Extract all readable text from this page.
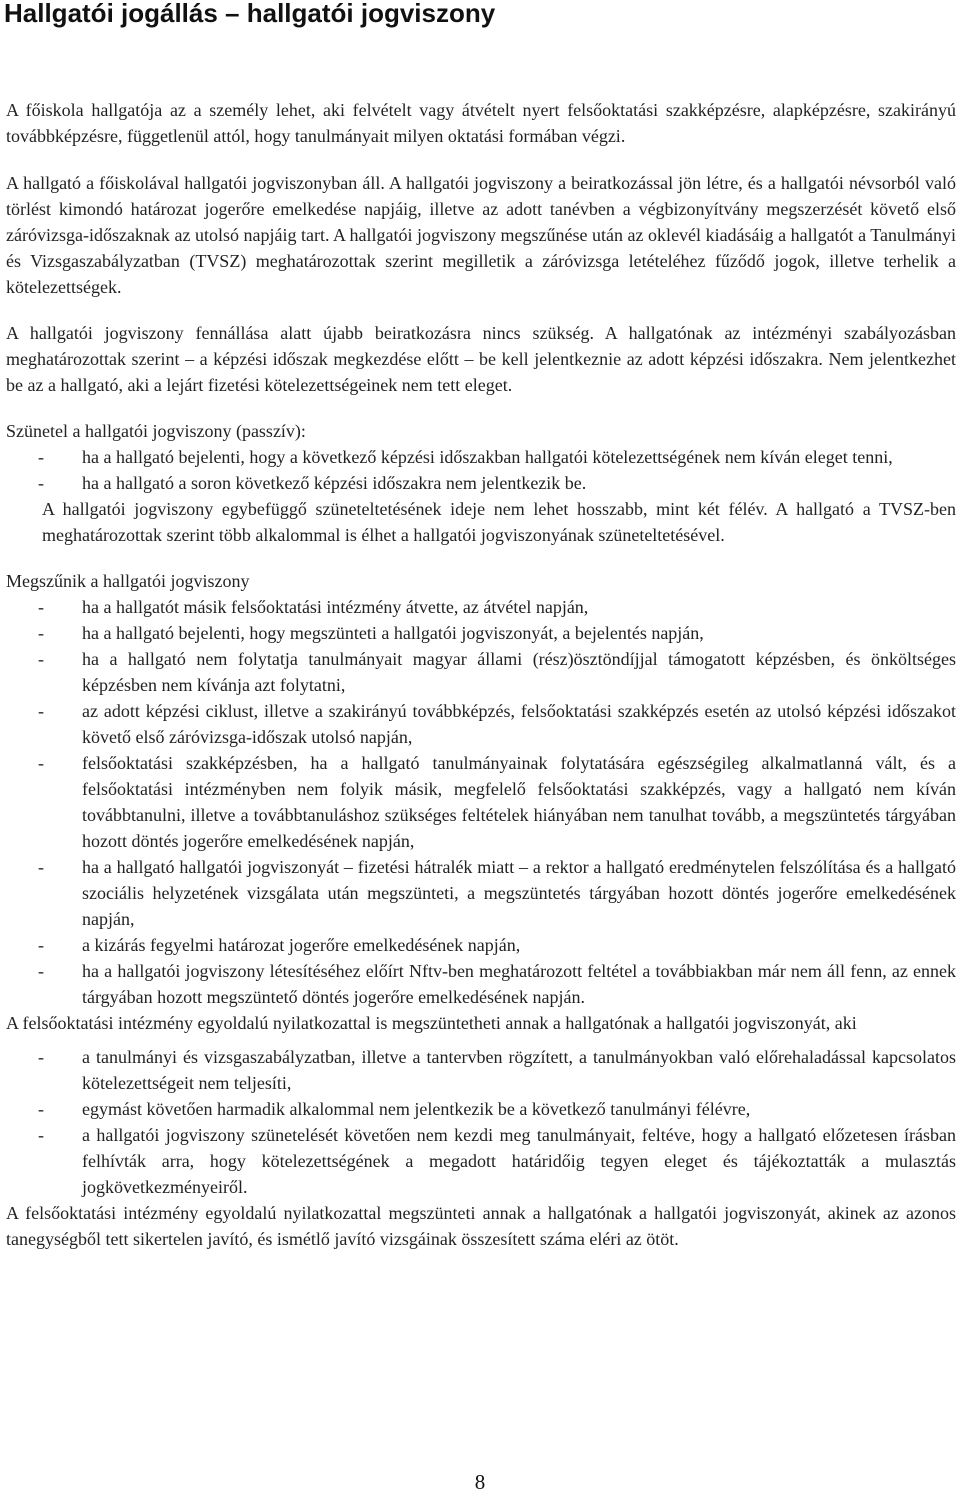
Hallgatói jogállás – hallgatói jogviszony

A főiskola hallgatója az a személy lehet, aki felvételt vagy átvételt nyert felsőoktatási szakképzésre, alapképzésre, szakirányú továbbképzésre, függetlenül attól, hogy tanulmányait milyen oktatási formában végzi.

A hallgató a főiskolával hallgatói jogviszonyban áll. A hallgatói jogviszony a beiratkozással jön létre, és a hallgatói névsorból való törlést kimondó határozat jogerőre emelkedése napjáig, illetve az adott tanévben a végbizonyítvány megszerzését követő első záróvizsga-időszaknak az utolsó napjáig tart. A hallgatói jogviszony megszűnése után az oklevél kiadásáig a hallgatót a Tanulmányi és Vizsgaszabályzatban (TVSZ) meghatározottak szerint megilletik a záróvizsga letételéhez fűződő jogok, illetve terhelik a kötelezettségek.

A hallgatói jogviszony fennállása alatt újabb beiratkozásra nincs szükség. A hallgatónak az intézményi szabályozásban meghatározottak szerint – a képzési időszak megkezdése előtt – be kell jelentkeznie az adott képzési időszakra. Nem jelentkezhet be az a hallgató, aki a lejárt fizetési kötelezettségeinek nem tett eleget.

Szünetel a hallgatói jogviszony (passzív):

- ha a hallgató bejelenti, hogy a következő képzési időszakban hallgatói kötelezettségének nem kíván eleget tenni,
- ha a hallgató a soron következő képzési időszakra nem jelentkezik be.

A hallgatói jogviszony egybefüggő szüneteltetésének ideje nem lehet hosszabb, mint két félév. A hallgató a TVSZ-ben meghatározottak szerint több alkalommal is élhet a hallgatói jogviszonyának szüneteltetésével.

Megszűnik a hallgatói jogviszony

- ha a hallgatót másik felsőoktatási intézmény átvette, az átvétel napján,
- ha a hallgató bejelenti, hogy megszünteti a hallgatói jogviszonyát, a bejelentés napján,
- ha a hallgató nem folytatja tanulmányait magyar állami (rész)ösztöndíjjal támogatott képzésben, és önköltséges képzésben nem kívánja azt folytatni,
- az adott képzési ciklust, illetve a szakirányú továbbképzés, felsőoktatási szakképzés esetén az utolsó képzési időszakot követő első záróvizsga-időszak utolsó napján,
- felsőoktatási szakképzésben, ha a hallgató tanulmányainak folytatására egészségileg alkalmatlanná vált, és a felsőoktatási intézményben nem folyik másik, megfelelő felsőoktatási szakképzés, vagy a hallgató nem kíván továbbtanulni, illetve a továbbtanuláshoz szükséges feltételek hiányában nem tanulhat tovább, a megszüntetés tárgyában hozott döntés jogerőre emelkedésének napján,
- ha a hallgató hallgatói jogviszonyát – fizetési hátralék miatt – a rektor a hallgató eredménytelen felszólítása és a hallgató szociális helyzetének vizsgálata után megszünteti, a megszüntetés tárgyában hozott döntés jogerőre emelkedésének napján,
- a kizárás fegyelmi határozat jogerőre emelkedésének napján,
- ha a hallgatói jogviszony létesítéséhez előírt Nftv-ben meghatározott feltétel a továbbiakban már nem áll fenn, az ennek tárgyában hozott megszüntető döntés jogerőre emelkedésének napján.

A felsőoktatási intézmény egyoldalú nyilatkozattal is megszüntetheti annak a hallgatónak a hallgatói jogviszonyát, aki

- a tanulmányi és vizsgaszabályzatban, illetve a tantervben rögzített, a tanulmányokban való előrehaladással kapcsolatos kötelezettségeit nem teljesíti,
- egymást követően harmadik alkalommal nem jelentkezik be a következő tanulmányi félévre,
- a hallgatói jogviszony szünetelését követően nem kezdi meg tanulmányait, feltéve, hogy a hallgató előzetesen írásban felhívták arra, hogy kötelezettségének a megadott határidőig tegyen eleget és tájékoztatták a mulasztás jogkövetkezményeiről.

A felsőoktatási intézmény egyoldalú nyilatkozattal megszünteti annak a hallgatónak a hallgatói jogviszonyát, akinek az azonos tanegységből tett sikertelen javító, és ismétlő javító vizsgáinak összesített száma eléri az ötöt.

8
